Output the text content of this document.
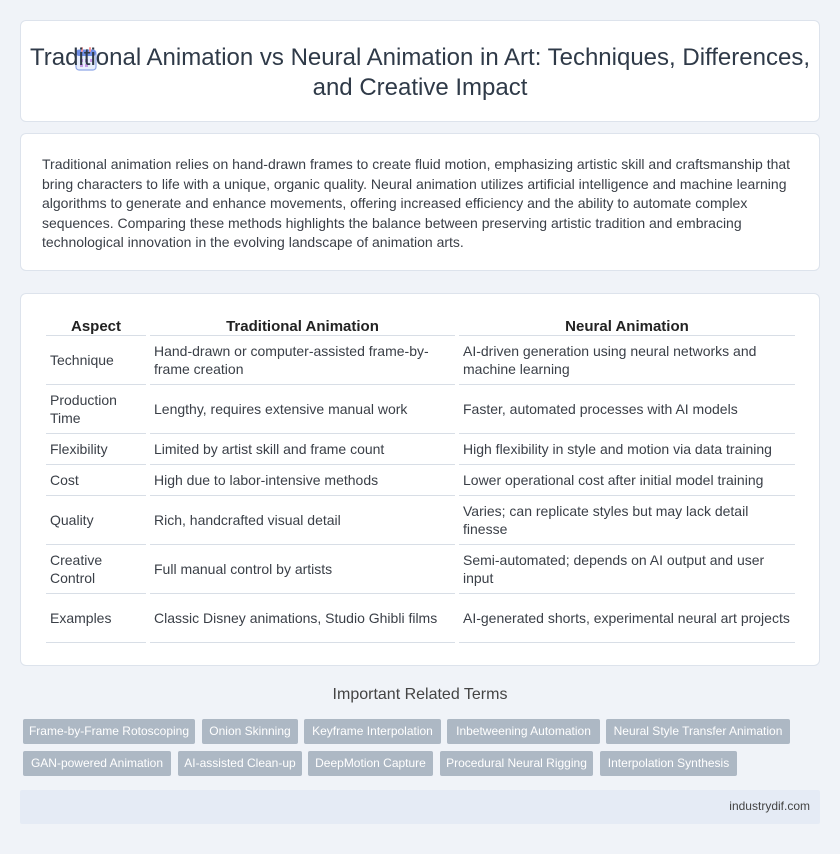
Traditional Animation vs Neural Animation in Art: Techniques, Differences, and Creative Impact

Traditional animation relies on hand-drawn frames to create fluid motion, emphasizing artistic skill and craftsmanship that bring characters to life with a unique, organic quality. Neural animation utilizes artificial intelligence and machine learning algorithms to generate and enhance movements, offering increased efficiency and the ability to automate complex sequences. Comparing these methods highlights the balance between preserving artistic tradition and embracing technological innovation in the evolving landscape of animation arts.

Aspect	Traditional Animation	Neural Animation
Technique	Hand-drawn or computer-assisted frame-by-frame creation	AI-driven generation using neural networks and machine learning
Production Time	Lengthy, requires extensive manual work	Faster, automated processes with AI models
Flexibility	Limited by artist skill and frame count	High flexibility in style and motion via data training
Cost	High due to labor-intensive methods	Lower operational cost after initial model training
Quality	Rich, handcrafted visual detail	Varies; can replicate styles but may lack detail finesse
Creative Control	Full manual control by artists	Semi-automated; depends on AI output and user input
Examples	Classic Disney animations, Studio Ghibli films	AI-generated shorts, experimental neural art projects
Important Related Terms
Frame-by-Frame Rotoscoping	Onion Skinning	Keyframe Interpolation	Inbetweening Automation	Neural Style Transfer Animation
GAN-powered Animation	AI-assisted Clean-up	DeepMotion Capture	Procedural Neural Rigging	Interpolation Synthesis
industrydif.com
